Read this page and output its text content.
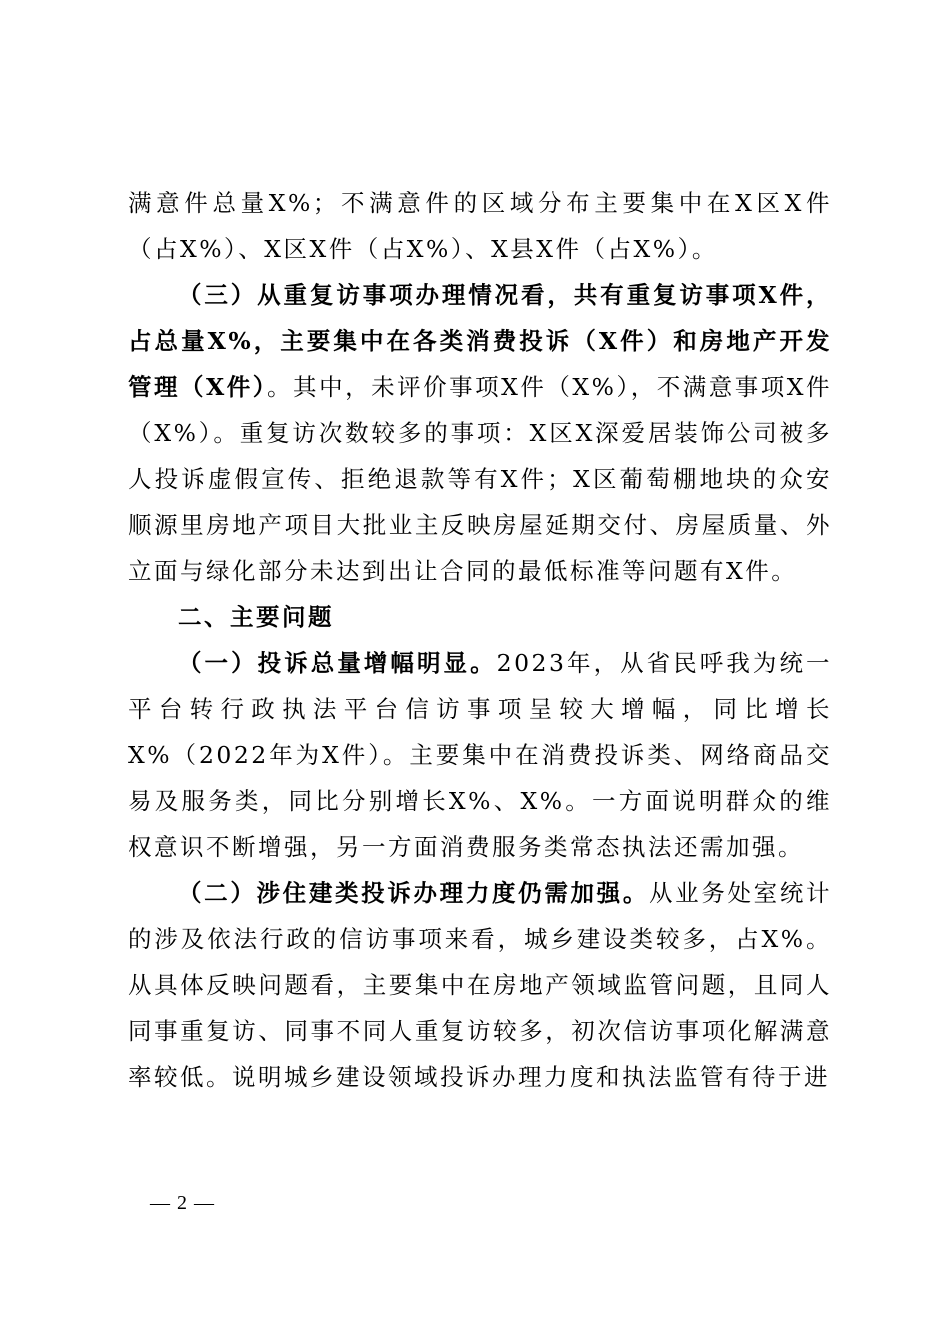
满意件总量X%；不满意件的区域分布主要集中在X区X件（占X%）、X区X件（占X%）、X县X件（占X%）。

（三）从重复访事项办理情况看，共有重复访事项X件，占总量X%，主要集中在各类消费投诉（X件）和房地产开发管理（X件）。其中，未评价事项X件（X%），不满意事项X件（X%）。重复访次数较多的事项：X区X深爱居装饰公司被多人投诉虚假宣传、拒绝退款等有X件；X区葡萄棚地块的众安顺源里房地产项目大批业主反映房屋延期交付、房屋质量、外立面与绿化部分未达到出让合同的最低标准等问题有X件。

二、主要问题

（一）投诉总量增幅明显。2023年，从省民呼我为统一平台转行政执法平台信访事项呈较大增幅，同比增长X%（2022年为X件）。主要集中在消费投诉类、网络商品交易及服务类，同比分别增长X%、X%。一方面说明群众的维权意识不断增强，另一方面消费服务类常态执法还需加强。

（二）涉住建类投诉办理力度仍需加强。从业务处室统计的涉及依法行政的信访事项来看，城乡建设类较多，占X%。从具体反映问题看，主要集中在房地产领域监管问题，且同人同事重复访、同事不同人重复访较多，初次信访事项化解满意率较低。说明城乡建设领域投诉办理力度和执法监管有待于进

— 2 —
